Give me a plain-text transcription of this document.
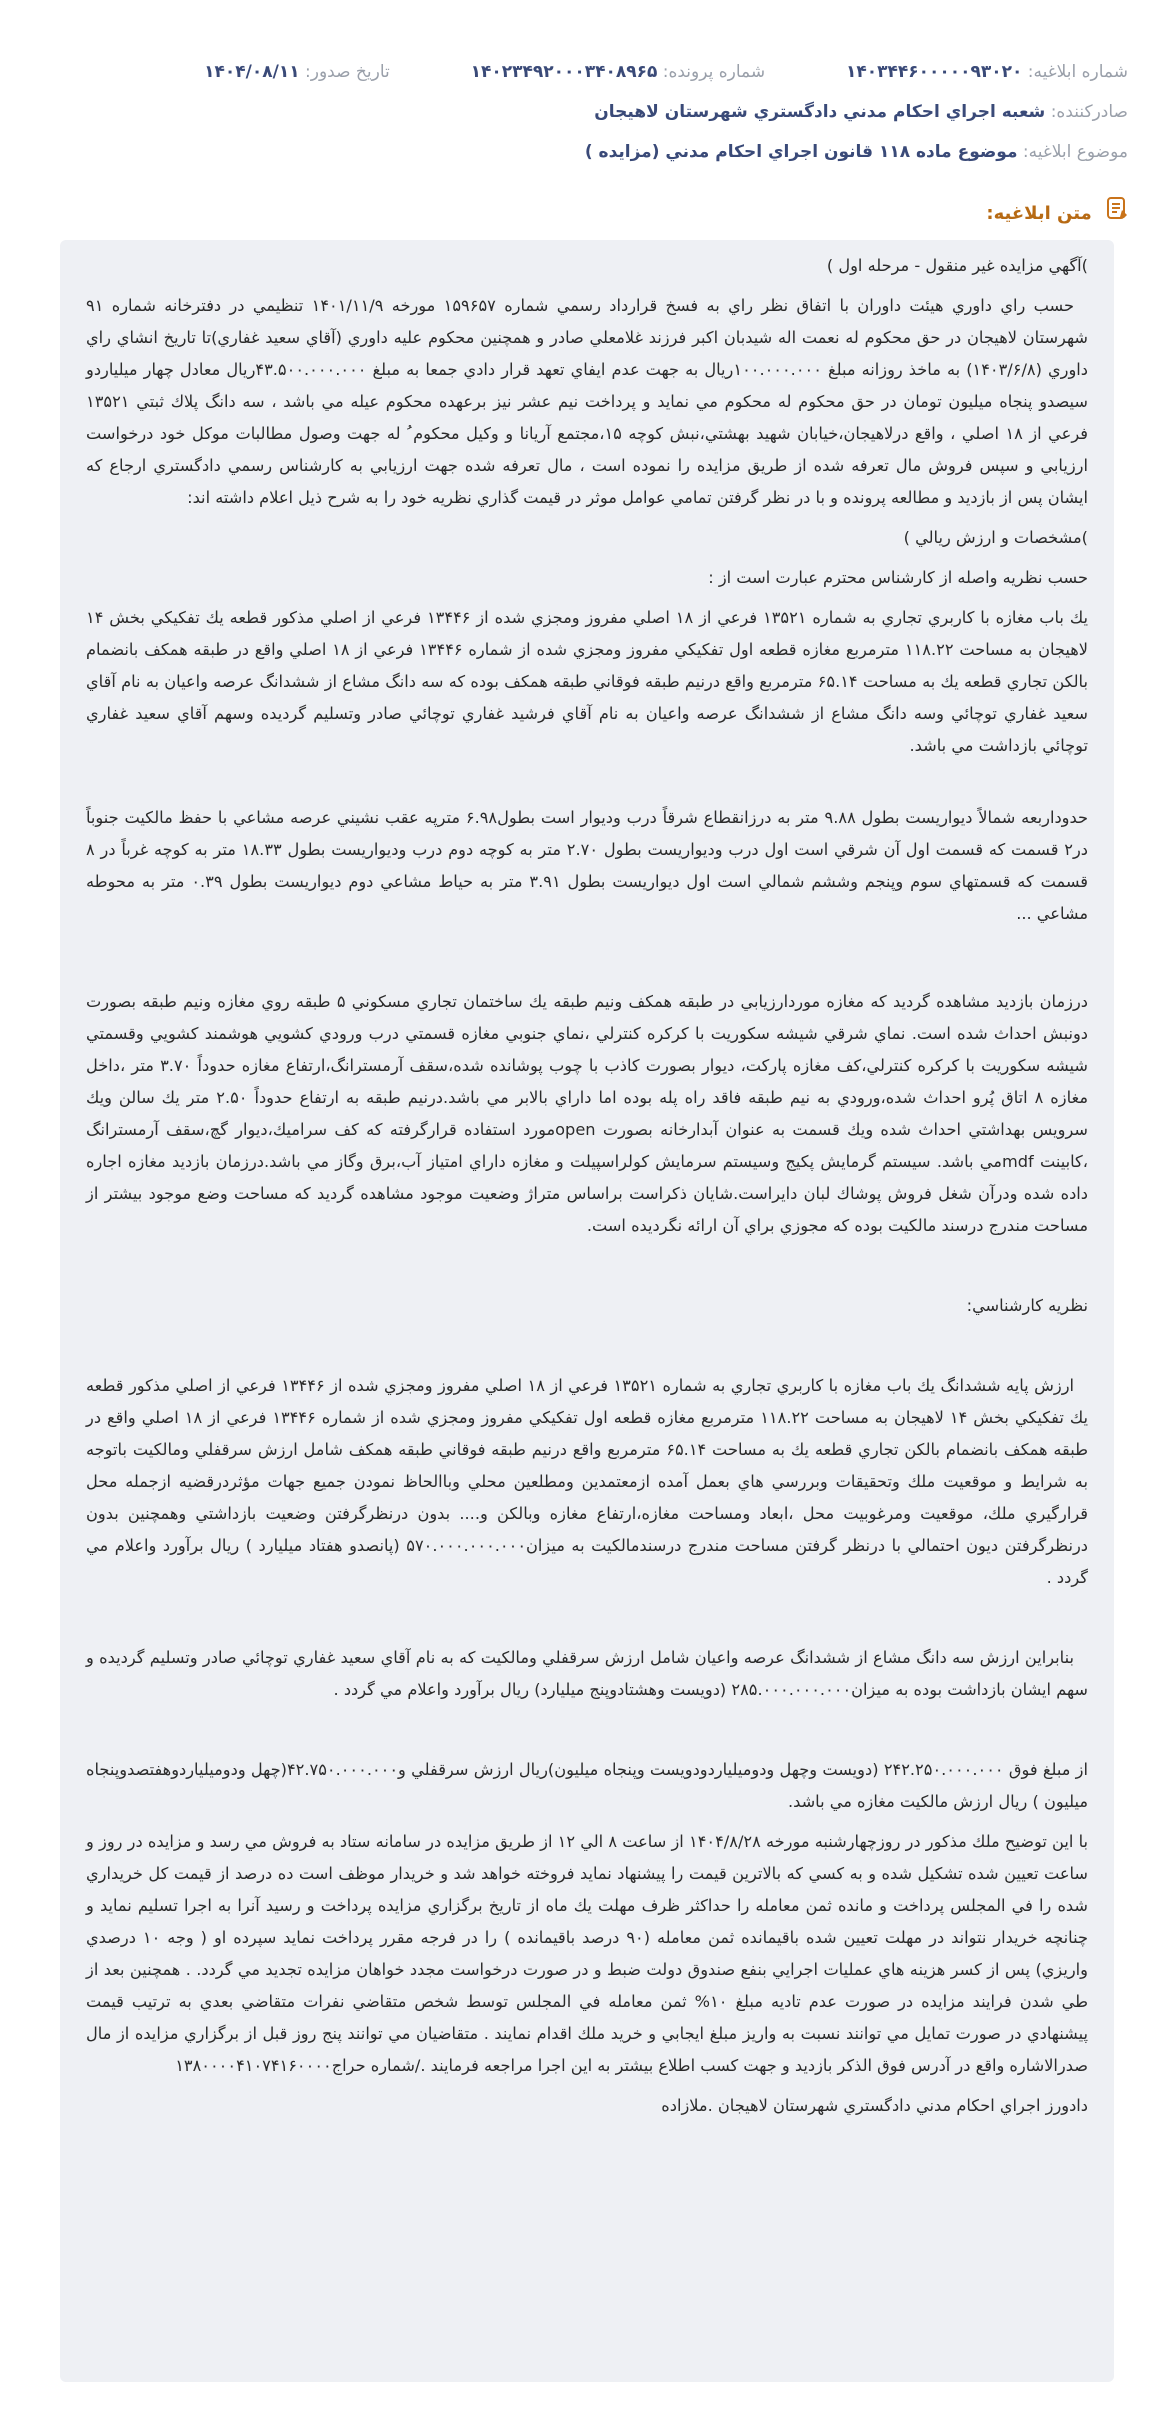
شماره ابلاغيه: ۱۴۰۳۴۴۶۰۰۰۰۰۹۳۰۲۰  شماره پرونده: ۱۴۰۲۳۴۹۲۰۰۰۳۴۰۸۹۶۵  تاريخ صدور: ۱۴۰۴/۰۸/۱۱
صادرکننده: شعبه اجراي احكام مدني دادگستري شهرستان لاهيجان
موضوع ابلاغيه: موضوع ماده ۱۱۸ قانون اجراي احكام مدني (مزايده )
متن ابلاغيه:

)آگهي مزايده غير منقول - مرحله اول )

حسب راي داوري هيئت داوران با اتفاق نظر راي به فسخ قرارداد رسمي شماره ۱۵۹۶۵۷ مورخه ۱۴۰۱/۱۱/۹ تنظيمي در دفترخانه شماره ۹۱ شهرستان لاهيجان در حق محكوم له نعمت اله شيدبان اكبر فرزند غلامعلي صادر و همچنين محكوم عليه داوري (آقاي سعيد غفاري)تا تاريخ انشاي راي داوري (۱۴۰۳/۶/۸) به ماخذ روزانه مبلغ ۱۰۰.۰۰۰.۰۰۰ريال به جهت عدم ايفاي تعهد قرار دادي جمعا به مبلغ ۴۳.۵۰۰.۰۰۰.۰۰۰ريال معادل چهار ميلياردو سيصدو پنجاه ميليون تومان در حق محكوم له محكوم مي نمايد و پرداخت نيم عشر نيز برعهده محكوم عيله مي باشد ، سه دانگ پلاك ثبتي ۱۳۵۲۱ فرعي از ۱۸ اصلي ، واقع درلاهيجان،خيابان شهيد بهشتي،نبش كوچه ۱۵،مجتمع آريانا و وكيل محكوم ُ له جهت وصول مطالبات موكل خود درخواست ارزيابي و سپس فروش مال تعرفه شده از طريق مزايده را نموده است ، مال تعرفه شده جهت ارزيابي به كارشناس رسمي دادگستري ارجاع كه ايشان پس از بازديد و مطالعه پرونده و با در نظر گرفتن تمامي عوامل موثر در قيمت گذاري نظريه خود را به شرح ذيل اعلام داشته اند:

)مشخصات و ارزش ريالي )

حسب نظريه واصله از كارشناس محترم عبارت است از :

يك باب مغازه با كاربري تجاري به شماره ۱۳۵۲۱ فرعي از ۱۸ اصلي مفروز ومجزي شده از ۱۳۴۴۶ فرعي از اصلي مذكور قطعه يك تفكيكي بخش ۱۴ لاهيجان به مساحت ۱۱۸.۲۲ مترمربع مغازه قطعه اول تفكيكي مفروز ومجزي شده از شماره ۱۳۴۴۶ فرعي از ۱۸ اصلي واقع در طبقه همكف بانضمام بالكن تجاري قطعه يك به مساحت ۶۵.۱۴ مترمربع واقع درنيم طبقه فوقاني طبقه همكف بوده كه سه دانگ مشاع از ششدانگ عرصه واعيان به نام آقاي سعيد غفاري توچائي وسه دانگ مشاع از ششدانگ عرصه واعيان به نام آقاي فرشيد غفاري توچائي صادر وتسليم گرديده وسهم آقاي سعيد غفاري توچائي بازداشت مي باشد.

حدوداربعه شمالاً ديواريست بطول ۹.۸۸ متر به درزانقطاع شرقاً درب وديوار است بطول۶.۹۸ مترپه عقب نشيني عرصه مشاعي با حفظ مالكيت جنوباً در۲ قسمت كه قسمت اول آن شرقي است اول درب وديواريست بطول ۲.۷۰ متر به كوچه دوم درب وديواريست بطول ۱۸.۳۳ متر به كوچه غرباً در ۸ قسمت كه قسمتهاي سوم وپنجم وششم شمالي است اول ديواريست بطول ۳.۹۱ متر به حياط مشاعي دوم ديواريست بطول ۰.۳۹ متر به محوطه مشاعي ...

درزمان بازديد مشاهده گرديد كه مغازه موردارزيابي در طبقه همكف ونيم طبقه يك ساختمان تجاري مسكوني ۵ طبقه روي مغازه ونيم طبقه بصورت دونبش احداث شده است. نماي شرقي شيشه سكوريت با كركره كنترلي ،نماي جنوبي مغازه قسمتي درب ورودي كشويي هوشمند كشويي وقسمتي شيشه سكوريت با كركره كنترلي،كف مغازه پاركت، ديوار بصورت كاذب با چوب پوشانده شده،سقف آرمسترانگ،ارتفاع مغازه حدوداً ۳.۷۰ متر ،داخل مغازه ۸ اتاق پُرو احداث شده،ورودي به نيم طبقه فاقد راه پله بوده اما داراي بالابر مي باشد.درنيم طبقه به ارتفاع حدوداً ۲.۵۰ متر يك سالن ويك سرويس بهداشتي احداث شده ويك قسمت به عنوان آبدارخانه بصورت openمورد استفاده قرارگرفته كه كف سراميك،ديوار گچ،سقف آرمسترانگ ،كابينت mdfمي باشد. سيستم گرمايش پكيج وسيستم سرمايش كولراسپيلت و مغازه داراي امتياز آب،برق وگاز مي باشد.درزمان بازديد مغازه اجاره داده شده ودرآن شغل فروش پوشاك لبان دايراست.شايان ذكراست براساس متراژ وضعيت موجود مشاهده گرديد كه مساحت وضع موجود بيشتر از مساحت مندرج درسند مالكيت بوده كه مجوزي براي آن ارائه نگرديده است.

نظريه كارشناسي:

ارزش پايه ششدانگ يك باب مغازه با كاربري تجاري به شماره ۱۳۵۲۱ فرعي از ۱۸ اصلي مفروز ومجزي شده از ۱۳۴۴۶ فرعي از اصلي مذكور قطعه يك تفكيكي بخش ۱۴ لاهيجان به مساحت ۱۱۸.۲۲ مترمربع مغازه قطعه اول تفكيكي مفروز ومجزي شده از شماره ۱۳۴۴۶ فرعي از ۱۸ اصلي واقع در طبقه همكف بانضمام بالكن تجاري قطعه يك به مساحت ۶۵.۱۴ مترمربع واقع درنيم طبقه فوقاني طبقه همكف شامل ارزش سرقفلي ومالكيت باتوجه به شرايط و موقعيت ملك وتحقيقات وبررسي هاي بعمل آمده ازمعتمدين ومطلعين محلي وباالحاظ نمودن جميع جهات مؤثردرقضيه ازجمله محل قرارگيري ملك، موقعيت ومرغوبيت محل ،ابعاد ومساحت مغازه،ارتفاع مغازه وبالكن و.... بدون درنظرگرفتن وضعيت بازداشتي وهمچنين بدون درنظرگرفتن ديون احتمالي با درنظر گرفتن مساحت مندرج درسندمالكيت به ميزان۵۷۰.۰۰۰.۰۰۰.۰۰۰ (پانصدو هفتاد ميليارد ) ريال برآورد واعلام مي گردد .

بنابراين ارزش سه دانگ مشاع از ششدانگ عرصه واعيان شامل ارزش سرقفلي ومالكيت كه به نام آقاي سعيد غفاري توچائي صادر وتسليم گرديده و سهم ايشان بازداشت بوده به ميزان۲۸۵.۰۰۰.۰۰۰.۰۰۰ (دويست وهشتادوپنج ميليارد) ريال برآورد واعلام مي گردد .

از مبلغ فوق ۲۴۲.۲۵۰.۰۰۰.۰۰۰ (دويست وچهل ودوميلياردودويست وپنجاه ميليون)ريال ارزش سرقفلي و۴۲.۷۵۰.۰۰۰.۰۰۰(چهل ودوميلياردوهفتصدوپنجاه ميليون ) ريال ارزش مالكيت مغازه مي باشد.

با اين توضيح ملك مذكور در روزچهارشنبه مورخه ۱۴۰۴/۸/۲۸ از ساعت ۸ الي ۱۲ از طريق مزايده در سامانه ستاد به فروش مي رسد و مزايده در روز و ساعت تعيين شده تشكيل شده و به كسي كه بالاترين قيمت را پيشنهاد نمايد فروخته خواهد شد و خريدار موظف است ده درصد از قيمت كل خريداري شده را في المجلس پرداخت و مانده ثمن معامله را حداكثر ظرف مهلت يك ماه از تاريخ برگزاري مزايده پرداخت و رسيد آنرا به اجرا تسليم نمايد و چنانچه خريدار نتواند در مهلت تعيين شده باقيمانده ثمن معامله (۹۰ درصد باقيمانده ) را در فرجه مقرر پرداخت نمايد سپرده او ( وجه ۱۰ درصدي واريزي) پس از كسر هزينه هاي عمليات اجرايي بنفع صندوق دولت ضبط و در صورت درخواست مجدد خواهان مزايده تجديد مي گردد. . همچنين بعد از طي شدن فرايند مزايده در صورت عدم تاديه مبلغ ۱۰% ثمن معامله في المجلس توسط شخص متقاضي نفرات متقاضي بعدي به ترتيب قيمت پيشنهادي در صورت تمايل مي توانند نسبت به واريز مبلغ ايجابي و خريد ملك اقدام نمايند . متقاضيان مي توانند پنج روز قبل از برگزاري مزايده از مال صدرالاشاره واقع در آدرس فوق الذكر بازديد و جهت كسب اطلاع بيشتر به اين اجرا مراجعه فرمايند ./شماره حراج۱۳۸۰۰۰۰۴۱۰۷۴۱۶۰۰۰۰

دادورز اجراي احكام مدني دادگستري شهرستان لاهيجان .ملازاده
